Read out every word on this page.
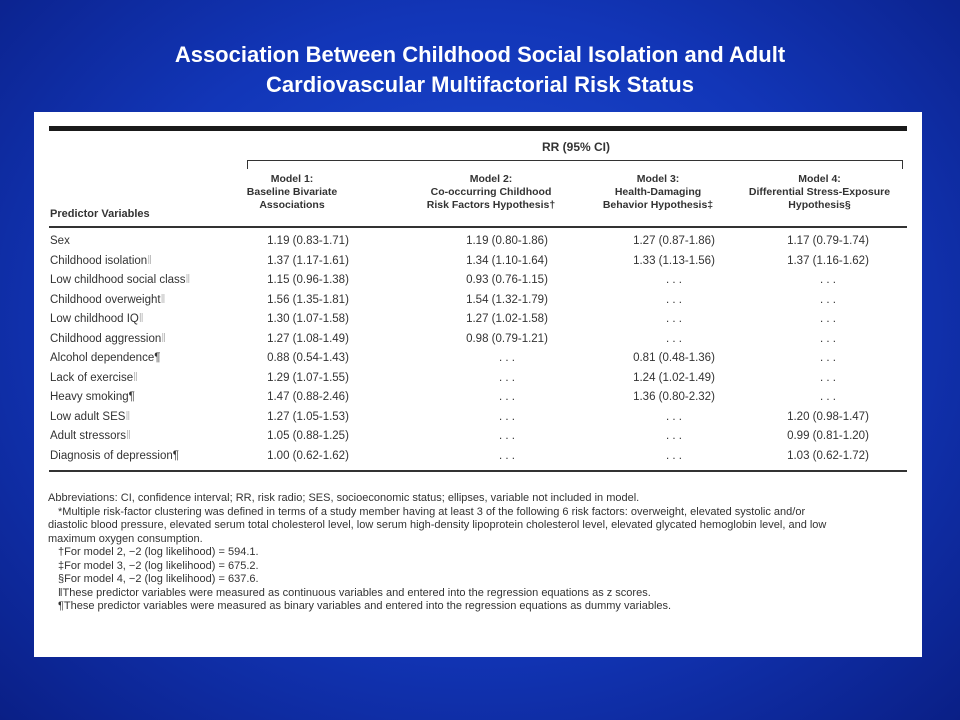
Association Between Childhood Social Isolation and Adult
Cardiovascular Multifactorial Risk Status
RR (95% CI)
Model 1:
Baseline Bivariate
Associations
Model 2:
Co-occurring Childhood
Risk Factors Hypothesis†
Model 3:
Health-Damaging
Behavior Hypothesis‡
Model 4:
Differential Stress-Exposure
Hypothesis§
Predictor Variables
Sex	1.19 (0.83-1.71)	1.19 (0.80-1.86)	1.27 (0.87-1.86)	1.17 (0.79-1.74)
Childhood isolation‖	1.37 (1.17-1.61)	1.34 (1.10-1.64)	1.33 (1.13-1.56)	1.37 (1.16-1.62)
Low childhood social class‖	1.15 (0.96-1.38)	0.93 (0.76-1.15)	. . .	. . .
Childhood overweight‖	1.56 (1.35-1.81)	1.54 (1.32-1.79)	. . .	. . .
Low childhood IQ‖	1.30 (1.07-1.58)	1.27 (1.02-1.58)	. . .	. . .
Childhood aggression‖	1.27 (1.08-1.49)	0.98 (0.79-1.21)	. . .	. . .
Alcohol dependence¶	0.88 (0.54-1.43)	. . .	0.81 (0.48-1.36)	. . .
Lack of exercise‖	1.29 (1.07-1.55)	. . .	1.24 (1.02-1.49)	. . .
Heavy smoking¶	1.47 (0.88-2.46)	. . .	1.36 (0.80-2.32)	. . .
Low adult SES‖	1.27 (1.05-1.53)	. . .	. . .	1.20 (0.98-1.47)
Adult stressors‖	1.05 (0.88-1.25)	. . .	. . .	0.99 (0.81-1.20)
Diagnosis of depression¶	1.00 (0.62-1.62)	. . .	. . .	1.03 (0.62-1.72)

Abbreviations: CI, confidence interval; RR, risk radio; SES, socioeconomic status; ellipses, variable not included in model.

*Multiple risk-factor clustering was defined in terms of a study member having at least 3 of the following 6 risk factors: overweight, elevated systolic and/or

diastolic blood pressure, elevated serum total cholesterol level, low serum high-density lipoprotein cholesterol level, elevated glycated hemoglobin level, and low

maximum oxygen consumption.

†For model 2, −2 (log likelihood) = 594.1.

‡For model 3, −2 (log likelihood) = 675.2.

§For model 4, −2 (log likelihood) = 637.6.

‖These predictor variables were measured as continuous variables and entered into the regression equations as z scores.

¶These predictor variables were measured as binary variables and entered into the regression equations as dummy variables.
